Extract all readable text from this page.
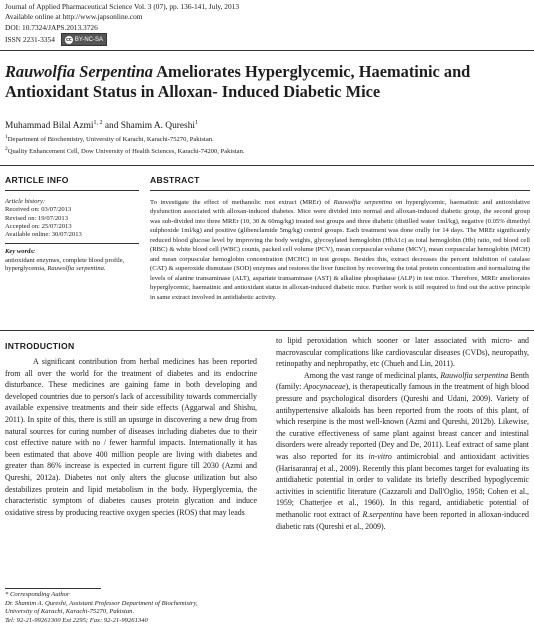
Journal of Applied Pharmaceutical Science Vol. 3 (07), pp. 136-141, July, 2013
Available online at http://www.japsonline.com
DOI: 10.7324/JAPS.2013.3726
ISSN 2231-3354 cc BY-NC-SA
Rauwolfia Serpentina Ameliorates Hyperglycemic, Haematinic and Antioxidant Status in Alloxan- Induced Diabetic Mice
Muhammad Bilal Azmi$^{1, 2}$ and Shamim A. Qureshi$^1$
$^1$Department of Biochemistry, University of Karachi, Karachi-75270, Pakistan.
$^2$Quality Enhancement Cell, Dow University of Health Sciences, Karachi-74200, Pakistan.
ARTICLE INFO
Article history:
Received on: 03/07/2013
Revised on: 19/07/2013
Accepted on: 25/07/2013
Available online: 30/07/2013
Key words:
antioxidant enzymes, complete blood profile, hyperglycemia, Rauwolfia serpentina.
ABSTRACT
To investigate the effect of methanolic root extract (MREr) of Rauwolfia serpentina on hyperglycemic, haematinic and antioxidative dysfunction associated with alloxan-induced diabetes. Mice were divided into normal and alloxan-induced diabetic group, the second group was sub-divided into three MREr (10, 30 & 60mg/kg) treated test groups and three diabetic (distilled water 1ml/kg), negative (0.05% dimethyl sulphoxide 1ml/kg) and positive (glibenclamide 5mg/kg) control groups. Each treatment was done orally for 14 days. The MREr significantly reduced blood glucose level by improving the body weights, glycosylated hemoglobin (HbA1c) as total hemoglobin (Hb) ratio, red blood cell (RBC) & white blood cell (WBC) counts, packed cell volume (PCV), mean corpuscular volume (MCV), mean corpuscular hemoglobin (MCH) and mean corpuscular hemoglobin concentration (MCHC) in test groups. Besides this, extract decreases the percent inhibition of catalase (CAT) & superoxide dismutase (SOD) enzymes and restores the liver function by recovering the total protein concentration and normalizing the levels of alanine transaminase (ALT), aspartate transaminase (AST) & alkaline phosphatase (ALP) in test mice. Therefore, MREr ameliorates hyperglycemic, haematinic and antioxidant status in alloxan-induced diabetic mice. Further work is still required to find out the active principle in same extract involved in antidiabetic activity.
INTRODUCTION

A significant contribution from herbal medicines has been reported from all over the world for the treatment of diabetes and its endocrine disturbance. These medicines are gaining fame in both developing and developed countries due to person's lack of accessibility towards commercially available expensive treatments and their side effects (Aggarwal and Shishu, 2011). In spite of this, there is still an upsurge in discovering a new drug from natural sources for curing number of diseases including diabetes due to their cost effective nature with no / fewer harmful impacts. Internationally it has been estimated that above 400 million people are living with diabetes and greater than 86% increase is expected in current figure till 2030 (Azmi and Qureshi, 2012a). Diabetes not only alters the glucose utilization but also destabilizes protein and lipid metabolism in the body. Hyperglycemia, the characteristic symptom of diabetes causes protein glycation and induce oxidative stress by producing reactive oxygen species (ROS) that may leads

to lipid peroxidation which sooner or later associated with micro- and macrovascular complications like cardiovascular diseases (CVDs), neuropathy, retinopathy and nephropathy, etc (Chueh and Lin, 2011).

Among the vast range of medicinal plants, Rauwolfia serpentina Benth (family: Apocynaceae), is therapeutically famous in the treatment of high blood pressure and psychological disorders (Qureshi and Udani, 2009). Variety of antihypertensive alkaloids has been reported from the roots of this plant, of which reserpine is the most well-known (Azmi and Qureshi, 2012b). Likewise, the curative effectiveness of same plant against breast cancer and intestinal disorders were already reported (Dey and De, 2011). Leaf extract of same plant was also reported for its in-vitro antimicrobial and antioxidant activities (Harisaranraj et al., 2009). Recently this plant becomes target for evaluating its antidiabetic potential in order to validate its briefly described hypoglycemic activities in scientific literature (Cazzaroli and Dall'Oglio, 1958; Cohen et al., 1959; Chatterjee et al., 1960). In this regard, antidiabetic potential of methanolic root extract of R.serpentina have been reported in alloxan-induced diabetic rats (Qureshi et al., 2009).

* Corresponding Author
Dr. Shamim A. Qureshi, Assistant Professor Department of Biochemistry,
University of Karachi, Karachi-75270, Pakistan.
Tel: 92-21-99261300 Ext 2295; Fax: 92-21-99261340
